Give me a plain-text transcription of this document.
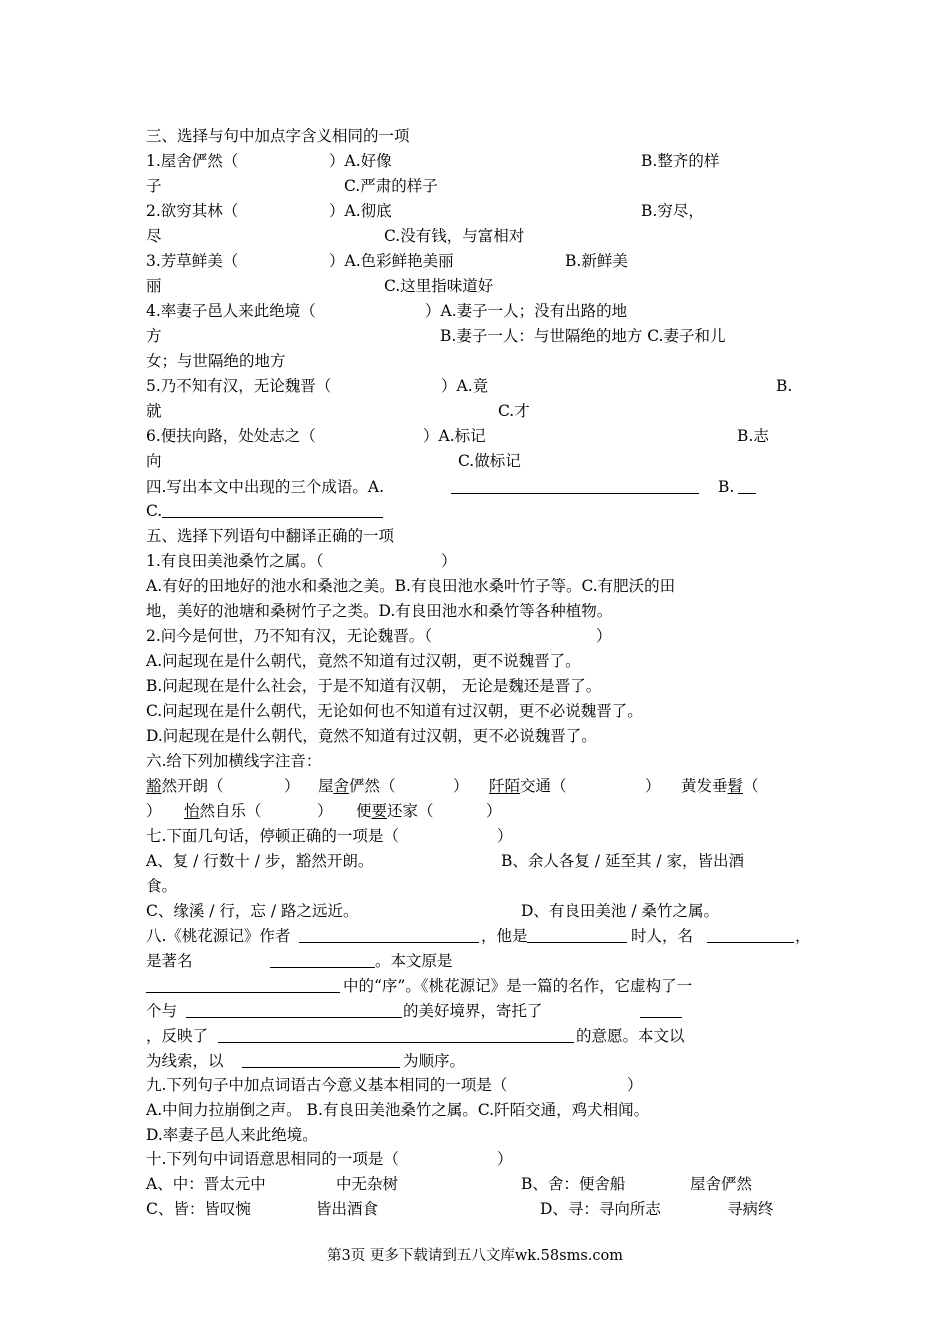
三、选择与句中加点字含义相同的一项
1.屋舍俨然（	）A.好像	B.整齐的样
子	C.严肃的样子
2.欲穷其林（	）A.彻底	B.穷尽，
尽	C.没有钱，与富相对
3.芳草鲜美（	）A.色彩鲜艳美丽	B.新鲜美
丽	C.这里指味道好
4.率妻子邑人来此绝境（	）A.妻子一人；没有出路的地
方	B.妻子一人：与世隔绝的地方 C.妻子和儿
女；与世隔绝的地方
5.乃不知有汉，无论魏晋（	）A.竟	B.
就	C.才
6.便扶向路，处处志之（	）A.标记	B.志
向	C.做标记
四.写出本文中出现的三个成语。A.	B.
C.
五、选择下列语句中翻译正确的一项
1.有良田美池桑竹之属。（	）
A.有好的田地好的池水和桑池之美。B.有良田池水桑叶竹子等。C.有肥沃的田
地，美好的池塘和桑树竹子之类。D.有良田池水和桑竹等各种植物。
2.问今是何世，乃不知有汉，无论魏晋。（	）
A.问起现在是什么朝代，竟然不知道有过汉朝，更不说魏晋了。
B.问起现在是什么社会，于是不知道有汉朝， 无论是魏还是晋了。
C.问起现在是什么朝代，无论如何也不知道有过汉朝，更不必说魏晋了。
D.问起现在是什么朝代，竟然不知道有过汉朝，更不必说魏晋了。
六.给下列加横线字注音：
豁然开朗（	） 屋舍俨然（	） 阡陌交通（	） 黄发垂髫（
） 怡然自乐（	） 便要还家（	）
七.下面几句话，停顿正确的一项是（	）
A、复 / 行数十 / 步，豁然开朗。	B、余人各复 / 延至其 / 家，皆出酒
食。
C、缘溪 / 行，忘 / 路之远近。	D、有良田美池 / 桑竹之属。
八.《桃花源记》作者	，他是	时人，名	，
是著名	。本文原是
中的“序”。《桃花源记》是一篇的名作，它虚构了一
个与	的美好境界，寄托了
，反映了	的意愿。本文以
为线索，以	为顺序。
九.下列句子中加点词语古今意义基本相同的一项是（	）
A.中间力拉崩倒之声。 B.有良田美池桑竹之属。C.阡陌交通，鸡犬相闻。
D.率妻子邑人来此绝境。
十.下列句中词语意思相同的一项是（	）
A、中：晋太元中	中无杂树	B、舍：便舍船	屋舍俨然
C、皆：皆叹惋	皆出酒食	D、寻：寻向所志	寻病终
第3页 更多下载请到五八文库wk.58sms.com
